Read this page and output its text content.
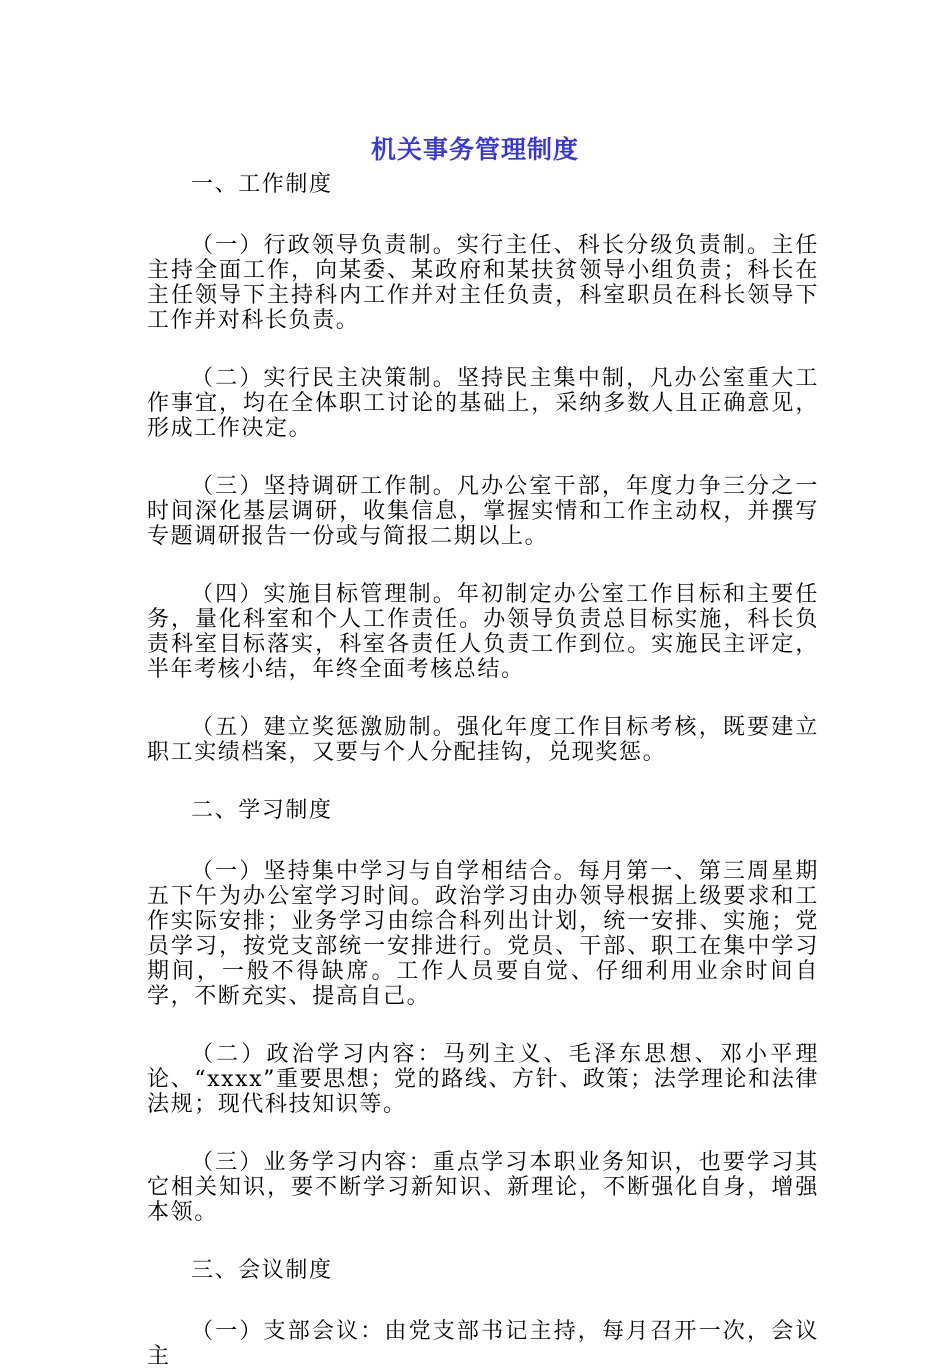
机关事务管理制度

一、工作制度

（一）行政领导负责制。实行主任、科长分级负责制。主任主持全面工作，向某委、某政府和某扶贫领导小组负责；科长在主任领导下主持科内工作并对主任负责，科室职员在科长领导下工作并对科长负责。

（二）实行民主决策制。坚持民主集中制，凡办公室重大工作事宜，均在全体职工讨论的基础上，采纳多数人且正确意见，形成工作决定。

（三）坚持调研工作制。凡办公室干部，年度力争三分之一时间深化基层调研，收集信息，掌握实情和工作主动权，并撰写专题调研报告一份或与简报二期以上。

（四）实施目标管理制。年初制定办公室工作目标和主要任务，量化科室和个人工作责任。办领导负责总目标实施，科长负责科室目标落实，科室各责任人负责工作到位。实施民主评定，半年考核小结，年终全面考核总结。

（五）建立奖惩激励制。强化年度工作目标考核，既要建立职工实绩档案，又要与个人分配挂钩，兑现奖惩。

二、学习制度

（一）坚持集中学习与自学相结合。每月第一、第三周星期五下午为办公室学习时间。政治学习由办领导根据上级要求和工作实际安排；业务学习由综合科列出计划，统一安排、实施；党员学习，按党支部统一安排进行。党员、干部、职工在集中学习期间，一般不得缺席。工作人员要自觉、仔细利用业余时间自学，不断充实、提高自己。

（二）政治学习内容：马列主义、毛泽东思想、邓小平理论、“xxxx”重要思想；党的路线、方针、政策；法学理论和法律法规；现代科技知识等。

（三）业务学习内容：重点学习本职业务知识，也要学习其它相关知识，要不断学习新知识、新理论，不断强化自身，增强本领。

三、会议制度

（一）支部会议：由党支部书记主持，每月召开一次，会议主
